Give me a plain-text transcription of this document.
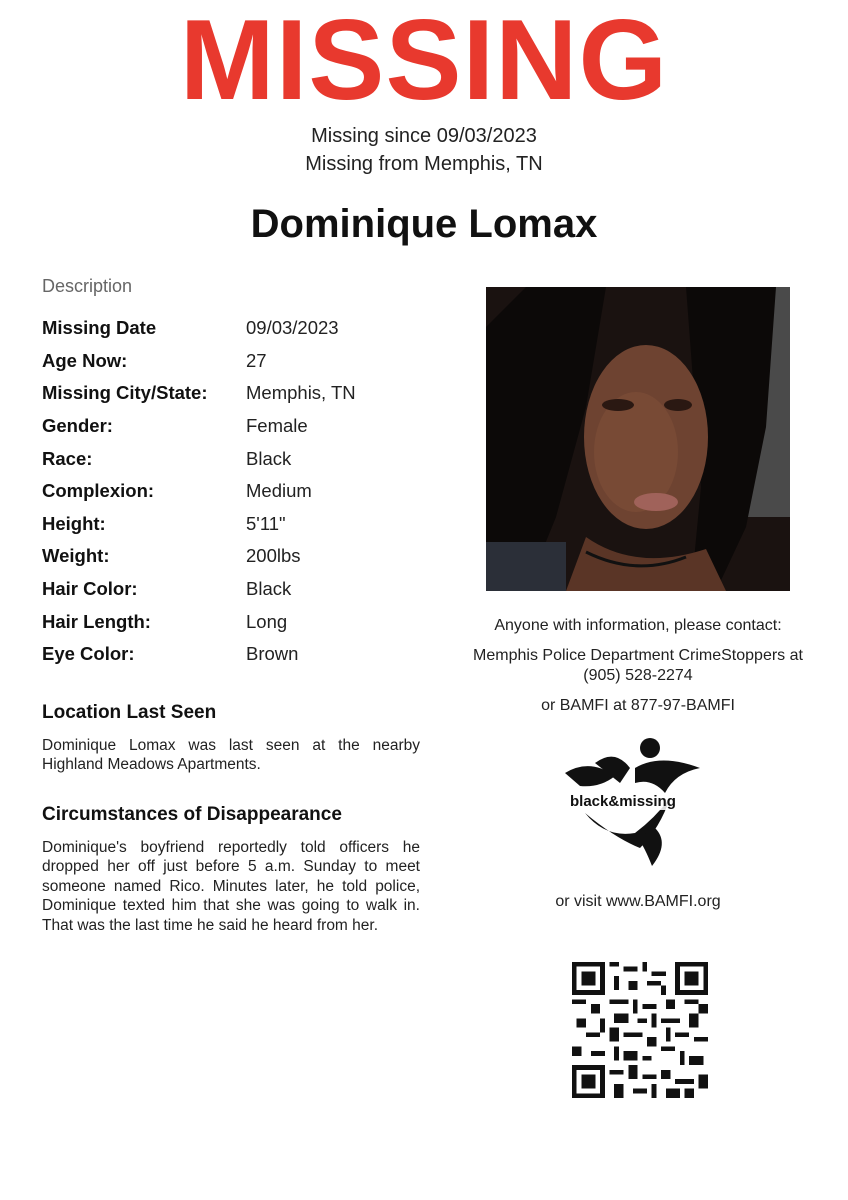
MISSING
Missing since 09/03/2023
Missing from Memphis, TN
Dominique Lomax
Description
Missing Date	09/03/2023
Age Now:	27
Missing City/State:	Memphis, TN
Gender:	Female
Race:	Black
Complexion:	Medium
Height:	5'11"
Weight:	200lbs
Hair Color:	Black
Hair Length:	Long
Eye Color:	Brown
Location Last Seen
Dominique Lomax was last seen at the nearby Highland Meadows Apartments.
Circumstances of Disappearance
Dominique's boyfriend reportedly told officers he dropped her off just before 5 a.m. Sunday to meet someone named Rico. Minutes later, he told police, Dominique texted him that she was going to walk in. That was the last time he said he heard from her.
Anyone with information, please contact:
Memphis Police Department CrimeStoppers at
(905) 528-2274
or BAMFI at 877-97-BAMFI
black&missing
or visit www.BAMFI.org
